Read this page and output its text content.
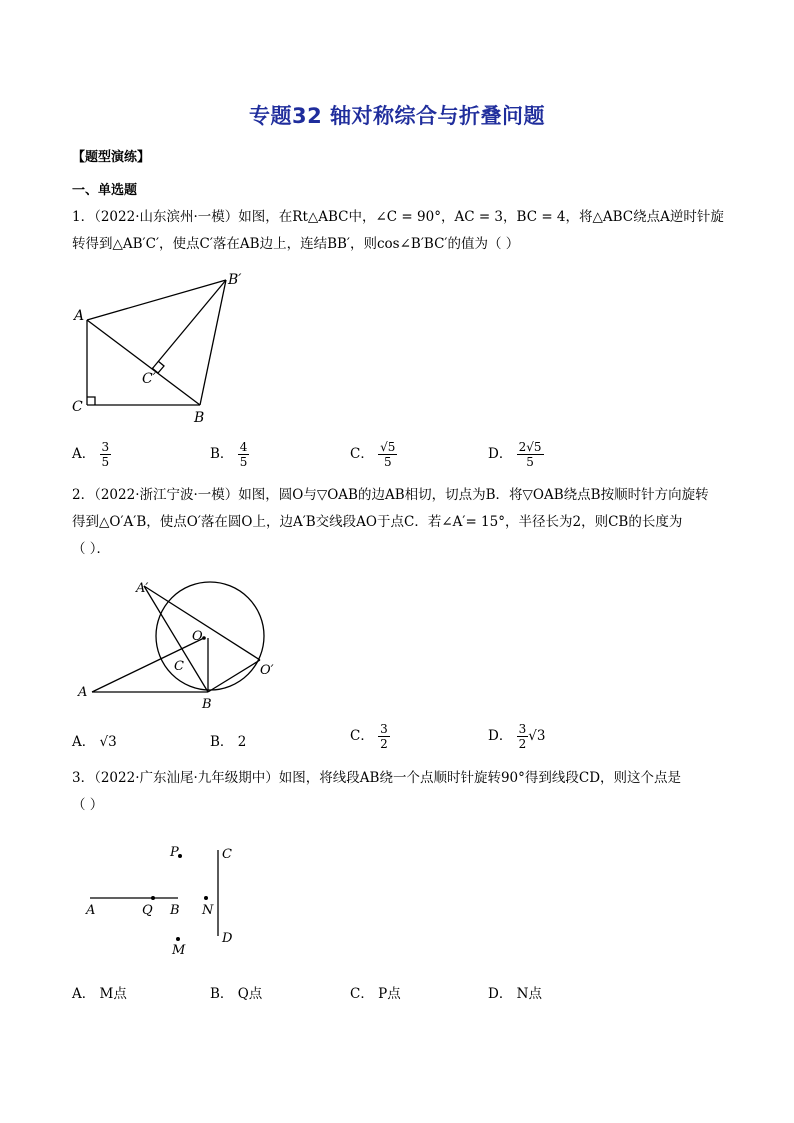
专题32 轴对称综合与折叠问题
【题型演练】
一、单选题
1．（2022·山东滨州·一模）如图，在Rt△ABC中，∠C = 90°，AC = 3，BC = 4，将△ABC绕点A逆时针旋
转得到△AB′C′，使点C′落在AB边上，连结BB′，则cos∠B′BC′的值为（ ）
A
B′
C′
C
B
A． $\frac{3}{5}$	B． $\frac{4}{5}$	C． $\frac{√5}{5}$	D． $\frac{2√5}{5}$
2．（2022·浙江宁波·一模）如图，圆O与▽OAB的边AB相切，切点为B．将▽OAB绕点B按顺时针方向旋转
得到△O′A′B，使点O′落在圆O上，边A′B交线段AO于点C．若∠A′= 15°，半径长为2，则CB的长度为
（ ）．
A′
O
C	O′
A
B
A． √3	B． 2	C． $\frac{3}{2}$	D． $\frac{3}{2} √3$
3．（2022·广东汕尾·九年级期中）如图，将线段AB绕一个点顺时针旋转90°得到线段CD，则这个点是
（ ）
P	C
A	Q B N
D
M
A． M点	B． Q点	C． P点	D． N点
